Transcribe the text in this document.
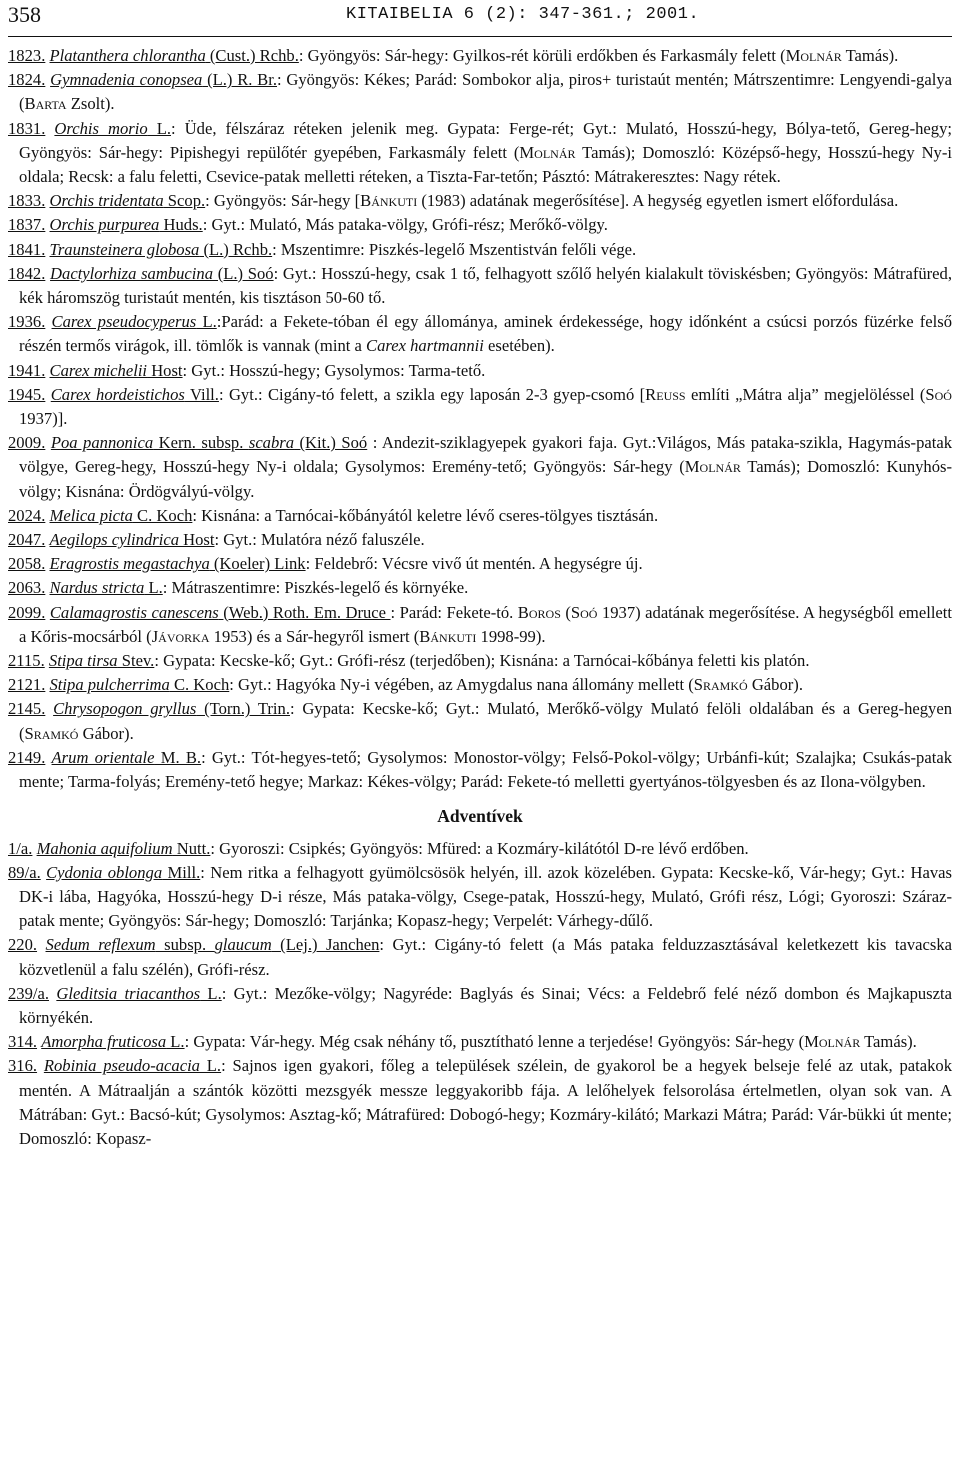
358	KITAIBELIA 6 (2): 347-361.; 2001.

1823. Platanthera chlorantha (Cust.) Rchb.: Gyöngyös: Sár-hegy: Gyilkos-rét körüli erdőkben és Farkasmály felett (Molnár Tamás).

1824. Gymnadenia conopsea (L.) R. Br.: Gyöngyös: Kékes; Parád: Sombokor alja, piros+ turistaút mentén; Mátrszentimre: Lengyendi-galya (Barta Zsolt).

1831. Orchis morio L.: Üde, félszáraz réteken jelenik meg. Gypata: Ferge-rét; Gyt.: Mulató, Hosszú-hegy, Bólya-tető, Gereg-hegy; Gyöngyös: Sár-hegy: Pipishegyi repülőtér gyepében, Farkasmály felett (Molnár Tamás); Domoszló: Középső-hegy, Hosszú-hegy Ny-i oldala; Recsk: a falu feletti, Csevice-patak melletti réteken, a Tiszta-Far-tetőn; Pásztó: Mátrakeresztes: Nagy rétek.

1833. Orchis tridentata Scop.: Gyöngyös: Sár-hegy [Bánkuti (1983) adatának megerősítése]. A hegység egyetlen ismert előfordulása.

1837. Orchis purpurea Huds.: Gyt.: Mulató, Más pataka-völgy, Grófi-rész; Merőkő-völgy.

1841. Traunsteinera globosa (L.) Rchb.: Mszentimre: Piszkés-legelő Mszentistván felőli vége.

1842. Dactylorhiza sambucina (L.) Soó: Gyt.: Hosszú-hegy, csak 1 tő, felhagyott szőlő helyén kialakult töviskésben; Gyöngyös: Mátrafüred, kék háromszög turistaút mentén, kis tisztáson 50-60 tő.

1936. Carex pseudocyperus L.:Parád: a Fekete-tóban él egy állománya, aminek érdekessége, hogy időnként a csúcsi porzós füzérke felső részén termős virágok, ill. tömlők is vannak (mint a Carex hartmannii esetében).

1941. Carex michelii Host: Gyt.: Hosszú-hegy; Gysolymos: Tarma-tető.

1945. Carex hordeistichos Vill.: Gyt.: Cigány-tó felett, a szikla egy laposán 2-3 gyep-csomó [Reuss említi „Mátra alja” megjelöléssel (Soó 1937)].

2009. Poa pannonica Kern. subsp. scabra (Kit.) Soó : Andezit-sziklagyepek gyakori faja. Gyt.:Világos, Más pataka-szikla, Hagymás-patak völgye, Gereg-hegy, Hosszú-hegy Ny-i oldala; Gysolymos: Eremény-tető; Gyöngyös: Sár-hegy (Molnár Tamás); Domoszló: Kunyhós-völgy; Kisnána: Ördögvályú-völgy.

2024. Melica picta C. Koch: Kisnána: a Tarnócai-kőbányától keletre lévő cseres-tölgyes tisztásán.

2047. Aegilops cylindrica Host: Gyt.: Mulatóra néző faluszéle.

2058. Eragrostis megastachya (Koeler) Link: Feldebrő: Vécsre vivő út mentén. A hegységre új.

2063. Nardus stricta L.: Mátraszentimre: Piszkés-legelő és környéke.

2099. Calamagrostis canescens (Web.) Roth. Em. Druce : Parád: Fekete-tó. Boros (Soó 1937) adatának megerősítése. A hegységből emellett a Kőris-mocsárból (Jávorka 1953) és a Sár-hegyről ismert (Bánkuti 1998-99).

2115. Stipa tirsa Stev.: Gypata: Kecske-kő; Gyt.: Grófi-rész (terjedőben); Kisnána: a Tarnócai-kőbánya feletti kis platón.

2121. Stipa pulcherrima C. Koch: Gyt.: Hagyóka Ny-i végében, az Amygdalus nana állomány mellett (Sramkó Gábor).

2145. Chrysopogon gryllus (Torn.) Trin.: Gypata: Kecske-kő; Gyt.: Mulató, Merőkő-völgy Mulató felöli oldalában és a Gereg-hegyen (Sramkó Gábor).

2149. Arum orientale M. B.: Gyt.: Tót-hegyes-tető; Gysolymos: Monostor-völgy; Felső-Pokol-völgy; Urbánfi-kút; Szalajka; Csukás-patak mente; Tarma-folyás; Eremény-tető hegye; Markaz: Kékes-völgy; Parád: Fekete-tó melletti gyertyános-tölgyesben és az Ilona-völgyben.

Adventívek

1/a. Mahonia aquifolium Nutt.: Gyoroszi: Csipkés; Gyöngyös: Mfüred: a Kozmáry-kilátótól D-re lévő erdőben.

89/a. Cydonia oblonga Mill.: Nem ritka a felhagyott gyümölcsösök helyén, ill. azok közelében. Gypata: Kecske-kő, Vár-hegy; Gyt.: Havas DK-i lába, Hagyóka, Hosszú-hegy D-i része, Más pataka-völgy, Csege-patak, Hosszú-hegy, Mulató, Grófi rész, Lógi; Gyoroszi: Száraz-patak mente; Gyöngyös: Sár-hegy; Domoszló: Tarjánka; Kopasz-hegy; Verpelét: Várhegy-dűlő.

220. Sedum reflexum subsp. glaucum (Lej.) Janchen: Gyt.: Cigány-tó felett (a Más pataka felduzzasztásával keletkezett kis tavacska közvetlenül a falu szélén), Grófi-rész.

239/a. Gleditsia triacanthos L.: Gyt.: Mezőke-völgy; Nagyréde: Baglyás és Sinai; Vécs: a Feldebrő felé néző dombon és Majkapuszta környékén.

314. Amorpha fruticosa L.: Gypata: Vár-hegy. Még csak néhány tő, pusztítható lenne a terjedése! Gyöngyös: Sár-hegy (Molnár Tamás).

316. Robinia pseudo-acacia L.: Sajnos igen gyakori, főleg a települések szélein, de gyakorol be a hegyek belseje felé az utak, patakok mentén. A Mátraalján a szántók közötti mezsgyék messze leggyakoribb fája. A lelőhelyek felsorolása értelmetlen, olyan sok van. A Mátrában: Gyt.: Bacsó-kút; Gysolymos: Asztag-kő; Mátrafüred: Dobogó-hegy; Kozmáry-kilátó; Markazi Mátra; Parád: Vár-bükki út mente; Domoszló: Kopasz-
